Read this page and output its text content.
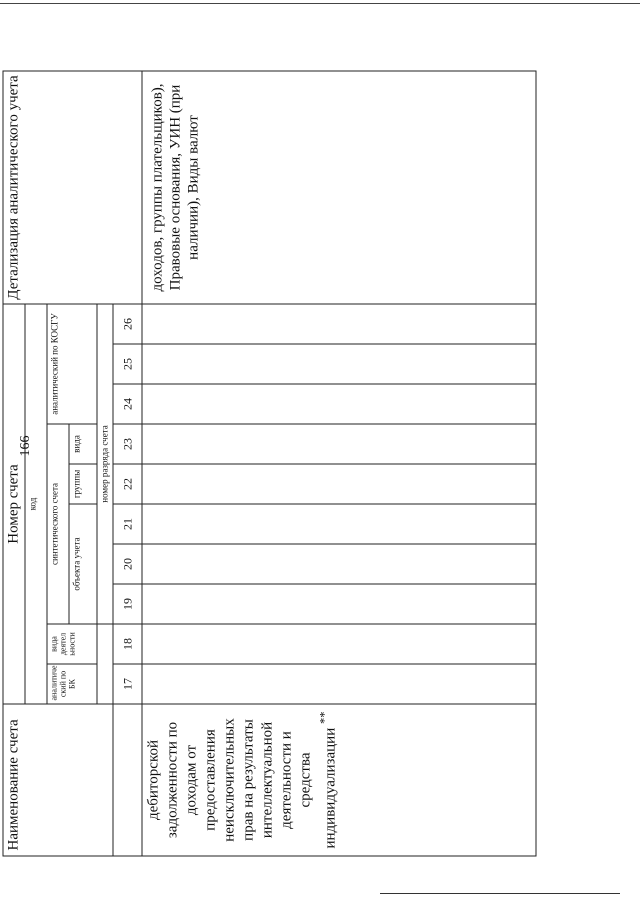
166
Наименование счета	Номер счета										Детализация аналитического учета
	код										
	аналитиче ский по БК	вида деятел ьности	синтетического счета					аналитический по КОСГУ			
			объекта учета			группы	вида				
			номер разряда счета								
	17	18	19	20	21	22	23	24	25	26	
дебиторской задолженности по доходам от предоставления неисключительных прав на результаты интеллектуальной деятельности и средства индивидуализации **											доходов, группы плательщиков), Правовые основания, УИН (при наличии), Виды валют
